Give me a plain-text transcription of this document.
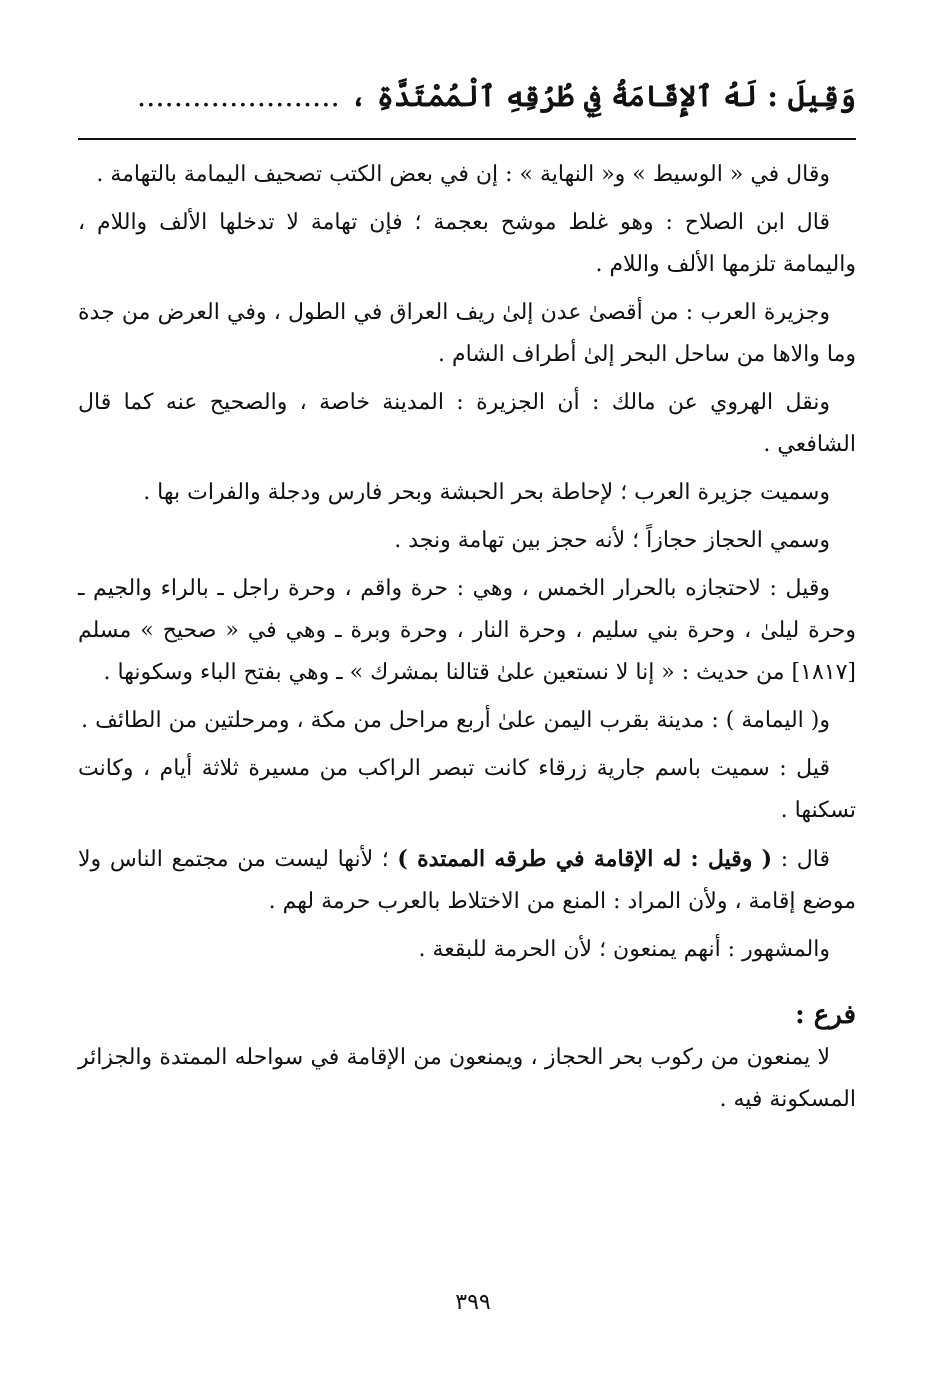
وَقِيلَ : لَهُ ٱلإِقَامَةُ فِي طُرُقِهِ ٱلْمُمْتَدَّةِ ، ......................

وقال في « الوسيط » و« النهاية » : إن في بعض الكتب تصحيف اليمامة بالتهامة .

قال ابن الصلاح : وهو غلط موشح بعجمة ؛ فإن تهامة لا تدخلها الألف واللام ، واليمامة تلزمها الألف واللام .

وجزيرة العرب : من أقصىٰ عدن إلىٰ ريف العراق في الطول ، وفي العرض من جدة وما والاها من ساحل البحر إلىٰ أطراف الشام .

ونقل الهروي عن مالك : أن الجزيرة : المدينة خاصة ، والصحيح عنه كما قال الشافعي .

وسميت جزيرة العرب ؛ لإحاطة بحر الحبشة وبحر فارس ودجلة والفرات بها .

وسمي الحجاز حجازاً ؛ لأنه حجز بين تهامة ونجد .

وقيل : لاحتجازه بالحرار الخمس ، وهي : حرة واقم ، وحرة راجل ـ بالراء والجيم ـ وحرة ليلىٰ ، وحرة بني سليم ، وحرة النار ، وحرة وبرة ـ وهي في « صحيح » مسلم [١٨١٧] من حديث : « إنا لا نستعين علىٰ قتالنا بمشرك » ـ وهي بفتح الباء وسكونها .

و( اليمامة ) : مدينة بقرب اليمن علىٰ أربع مراحل من مكة ، ومرحلتين من الطائف .

قيل : سميت باسم جارية زرقاء كانت تبصر الراكب من مسيرة ثلاثة أيام ، وكانت تسكنها .

قال : ( وقيل : له الإقامة في طرقه الممتدة ) ؛ لأنها ليست من مجتمع الناس ولا موضع إقامة ، ولأن المراد : المنع من الاختلاط بالعرب حرمة لهم .

والمشهور : أنهم يمنعون ؛ لأن الحرمة للبقعة .

فرع :

لا يمنعون من ركوب بحر الحجاز ، ويمنعون من الإقامة في سواحله الممتدة والجزائر المسكونة فيه .

٣٩٩
